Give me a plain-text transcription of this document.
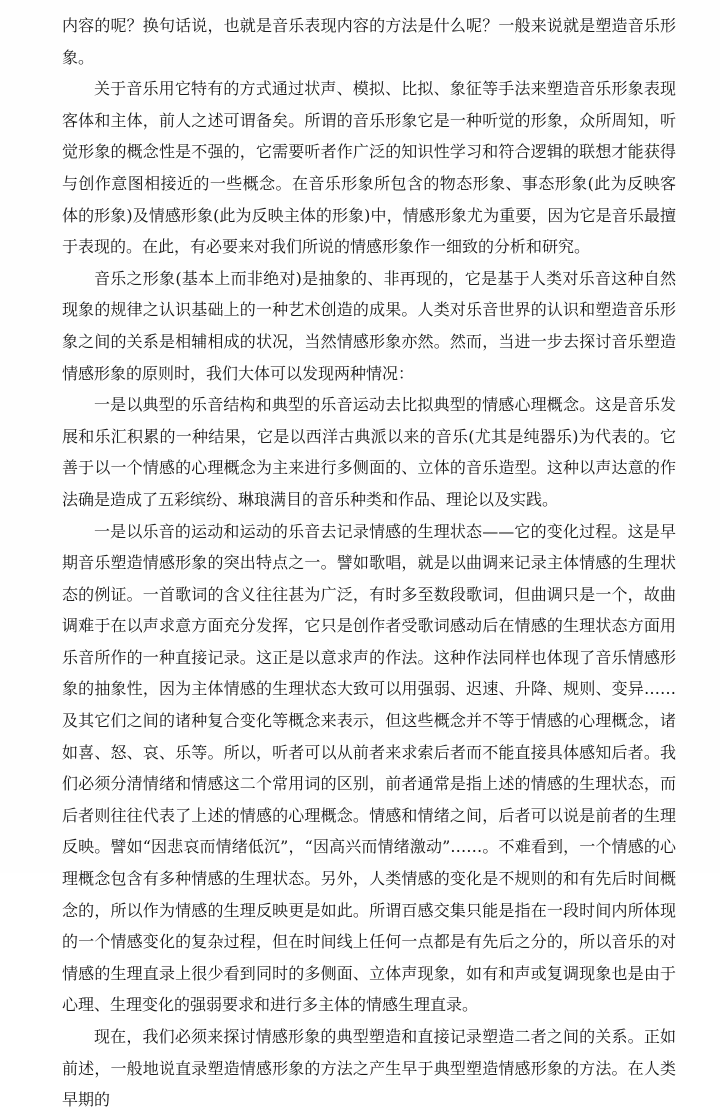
内容的呢？换句话说，也就是音乐表现内容的方法是什么呢？一般来说就是塑造音乐形象。

关于音乐用它特有的方式通过状声、模拟、比拟、象征等手法来塑造音乐形象表现客体和主体，前人之述可谓备矣。所谓的音乐形象它是一种听觉的形象，众所周知，听觉形象的概念性是不强的，它需要听者作广泛的知识性学习和符合逻辑的联想才能获得与创作意图相接近的一些概念。在音乐形象所包含的物态形象、事态形象(此为反映客体的形象)及情感形象(此为反映主体的形象)中，情感形象尤为重要，因为它是音乐最擅于表现的。在此，有必要来对我们所说的情感形象作一细致的分析和研究。

音乐之形象(基本上而非绝对)是抽象的、非再现的，它是基于人类对乐音这种自然现象的规律之认识基础上的一种艺术创造的成果。人类对乐音世界的认识和塑造音乐形象之间的关系是相辅相成的状况，当然情感形象亦然。然而，当进一步去探讨音乐塑造情感形象的原则时，我们大体可以发现两种情况：

一是以典型的乐音结构和典型的乐音运动去比拟典型的情感心理概念。这是音乐发展和乐汇积累的一种结果，它是以西洋古典派以来的音乐(尤其是纯器乐)为代表的。它善于以一个情感的心理概念为主来进行多侧面的、立体的音乐造型。这种以声达意的作法确是造成了五彩缤纷、琳琅满目的音乐种类和作品、理论以及实践。

一是以乐音的运动和运动的乐音去记录情感的生理状态——它的变化过程。这是早期音乐塑造情感形象的突出特点之一。譬如歌唱，就是以曲调来记录主体情感的生理状态的例证。一首歌词的含义往往甚为广泛，有时多至数段歌词，但曲调只是一个，故曲调难于在以声求意方面充分发挥，它只是创作者受歌词感动后在情感的生理状态方面用乐音所作的一种直接记录。这正是以意求声的作法。这种作法同样也体现了音乐情感形象的抽象性，因为主体情感的生理状态大致可以用强弱、迟速、升降、规则、变异……及其它们之间的诸种复合变化等概念来表示，但这些概念并不等于情感的心理概念，诸如喜、怒、哀、乐等。所以，听者可以从前者来求索后者而不能直接具体感知后者。我们必须分清情绪和情感这二个常用词的区别，前者通常是指上述的情感的生理状态，而后者则往往代表了上述的情感的心理概念。情感和情绪之间，后者可以说是前者的生理反映。譬如“因悲哀而情绪低沉”，“因高兴而情绪激动”……。不难看到，一个情感的心理概念包含有多种情感的生理状态。另外，人类情感的变化是不规则的和有先后时间概念的，所以作为情感的生理反映更是如此。所谓百感交集只能是指在一段时间内所体现的一个情感变化的复杂过程，但在时间线上任何一点都是有先后之分的，所以音乐的对情感的生理直录上很少看到同时的多侧面、立体声现象，如有和声或复调现象也是由于心理、生理变化的强弱要求和进行多主体的情感生理直录。

现在，我们必须来探讨情感形象的典型塑造和直接记录塑造二者之间的关系。正如前述，一般地说直录塑造情感形象的方法之产生早于典型塑造情感形象的方法。在人类早期的
